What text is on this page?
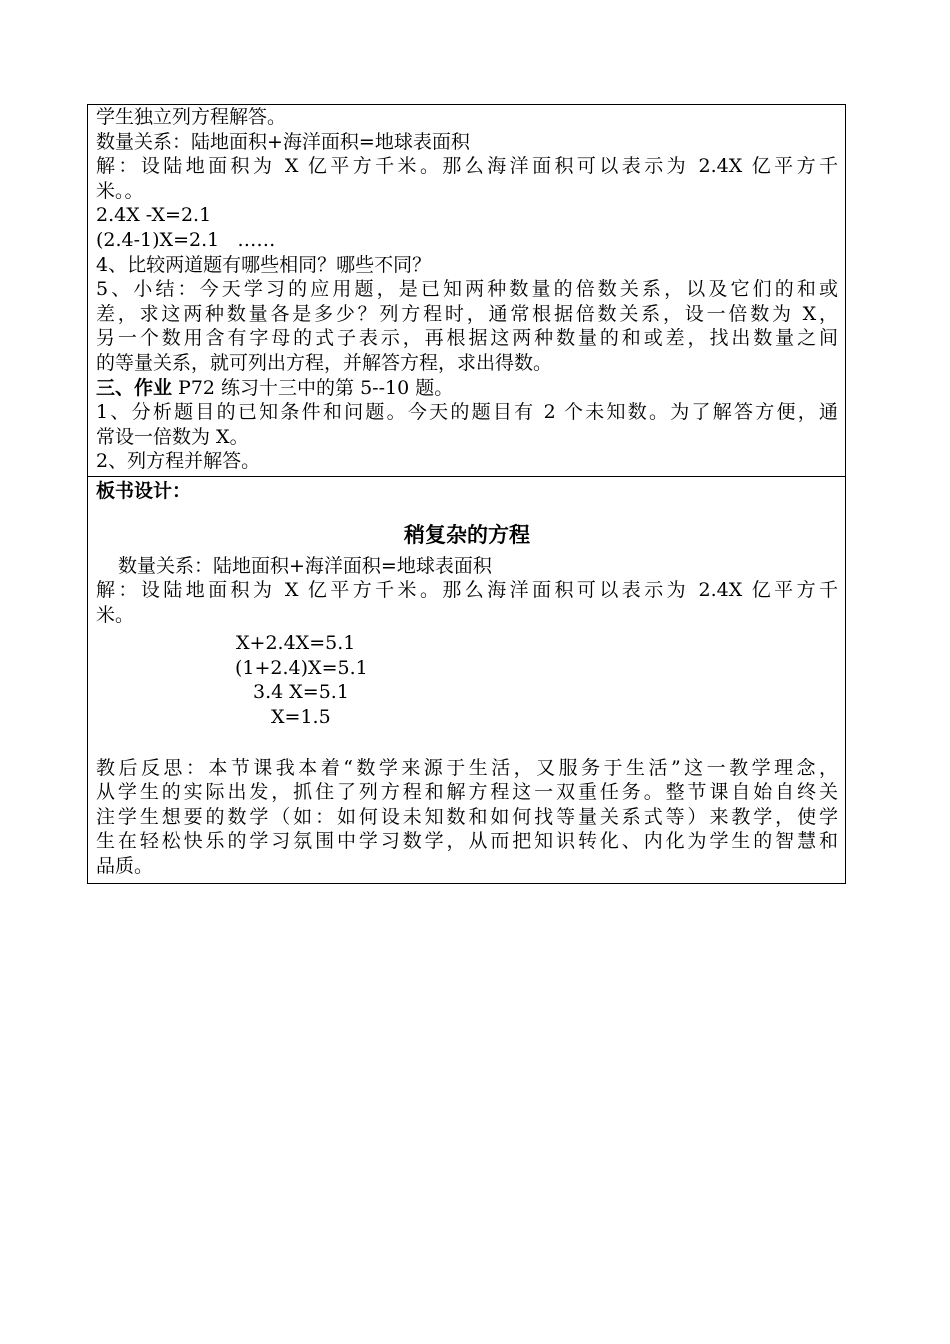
学生独立列方程解答。
数量关系：陆地面积+海洋面积=地球表面积
解：设陆地面积为 X 亿平方千米。那么海洋面积可以表示为 2.4X 亿平方千
米。。
2.4X -X=2.1
(2.4-1)X=2.1   ……
4、比较两道题有哪些相同？哪些不同？
5、小结：今天学习的应用题，是已知两种数量的倍数关系，以及它们的和或
差，求这两种数量各是多少？列方程时，通常根据倍数关系，设一倍数为 X，
另一个数用含有字母的式子表示，再根据这两种数量的和或差，找出数量之间
的等量关系，就可列出方程，并解答方程，求出得数。
三、作业 P72 练习十三中的第 5--10 题。
1、分析题目的已知条件和问题。今天的题目有 2 个未知数。为了解答方便，通
常设一倍数为 X。
2、列方程并解答。
板书设计：
稍复杂的方程
数量关系：陆地面积+海洋面积=地球表面积
解：设陆地面积为 X 亿平方千米。那么海洋面积可以表示为 2.4X 亿平方千
米。
X+2.4X=5.1
(1+2.4)X=5.1
3.4 X=5.1
X=1.5
教后反思：本节课我本着“数学来源于生活，又服务于生活”这一教学理念，
从学生的实际出发，抓住了列方程和解方程这一双重任务。整节课自始自终关
注学生想要的数学（如：如何设未知数和如何找等量关系式等）来教学，使学
生在轻松快乐的学习氛围中学习数学，从而把知识转化、内化为学生的智慧和
品质。
